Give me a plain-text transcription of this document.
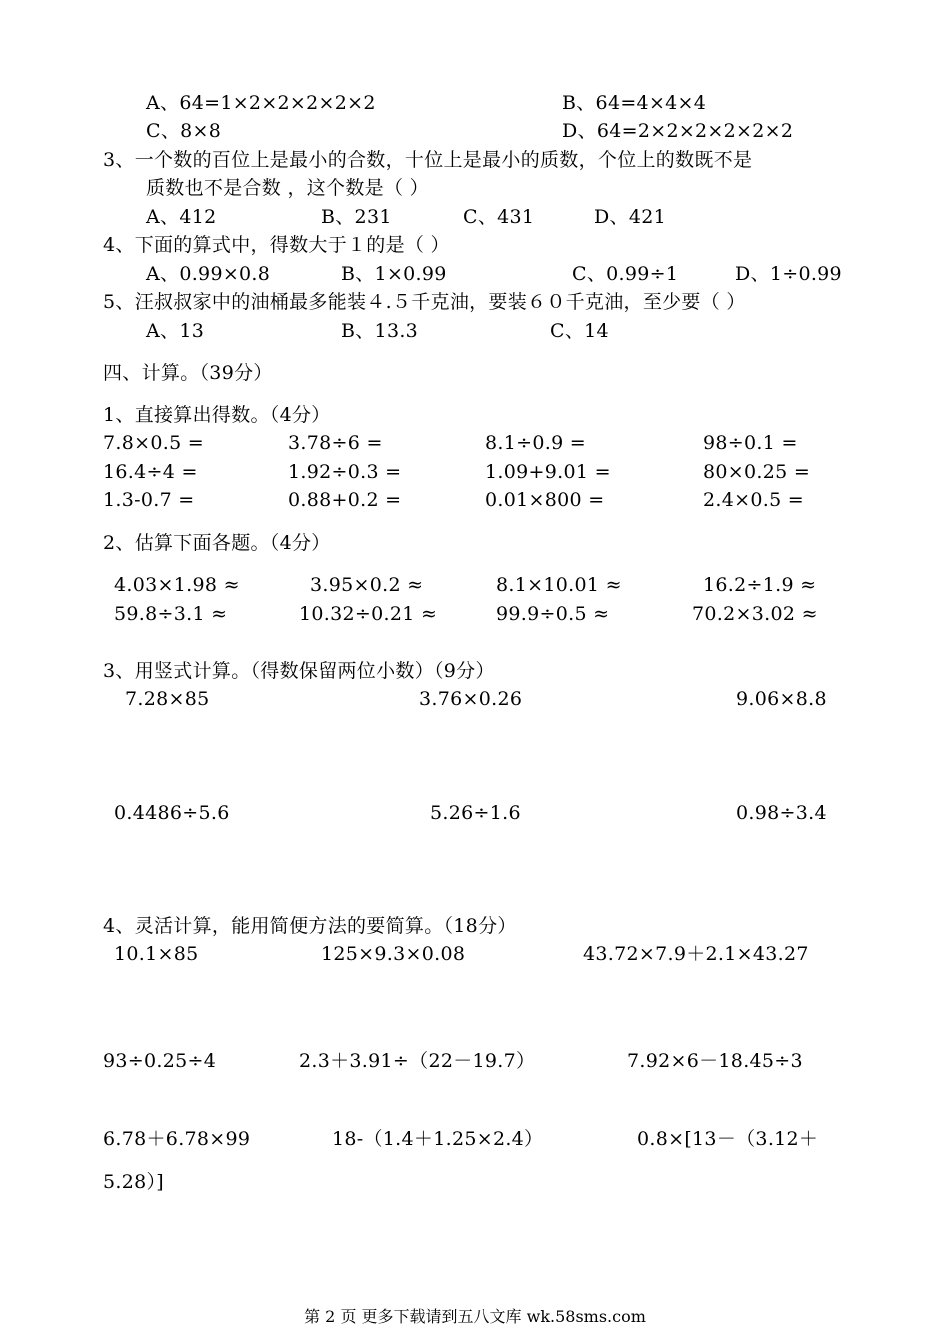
A、64=1×2×2×2×2×2	B、64=4×4×4
C、8×8	D、64=2×2×2×2×2×2
3、一个数的百位上是最小的合数，十位上是最小的质数，个位上的数既不是
质数也不是合数 ，这个数是（ ）
A、412	B、231	C、431	D、421
4、下面的算式中，得数大于１的是（ ）
A、0.99×0.8	B、1×0.99	C、0.99÷1	D、1÷0.99
5、汪叔叔家中的油桶最多能装４.５千克油，要装６０千克油，至少要（ ）
A、13	B、13.3	C、14
四、计算。（39分）
1、直接算出得数。（4分）
7.8×0.5 =	3.78÷6 =	8.1÷0.9 =	98÷0.1 =
16.4÷4 =	1.92÷0.3 =	1.09+9.01 =	80×0.25 =
1.3-0.7 =	0.88+0.2 =	0.01×800 =	2.4×0.5 =
2、估算下面各题。（4分）
4.03×1.98 ≈	3.95×0.2 ≈	8.1×10.01 ≈	16.2÷1.9 ≈
59.8÷3.1 ≈	10.32÷0.21 ≈	99.9÷0.5 ≈	70.2×3.02 ≈
3、用竖式计算。（得数保留两位小数）（9分）
7.28×85	3.76×0.26	9.06×8.8
0.4486÷5.6	5.26÷1.6	0.98÷3.4
4、灵活计算，能用简便方法的要简算。（18分）
10.1×85	125×9.3×0.08	43.72×7.9＋2.1×43.27
93÷0.25÷4	2.3＋3.91÷（22－19.7）	7.92×6－18.45÷3
6.78＋6.78×99	18-（1.4＋1.25×2.4）	0.8×[13－（3.12＋
5.28）]
第 2 页 更多下载请到五八文库 wk.58sms.com
